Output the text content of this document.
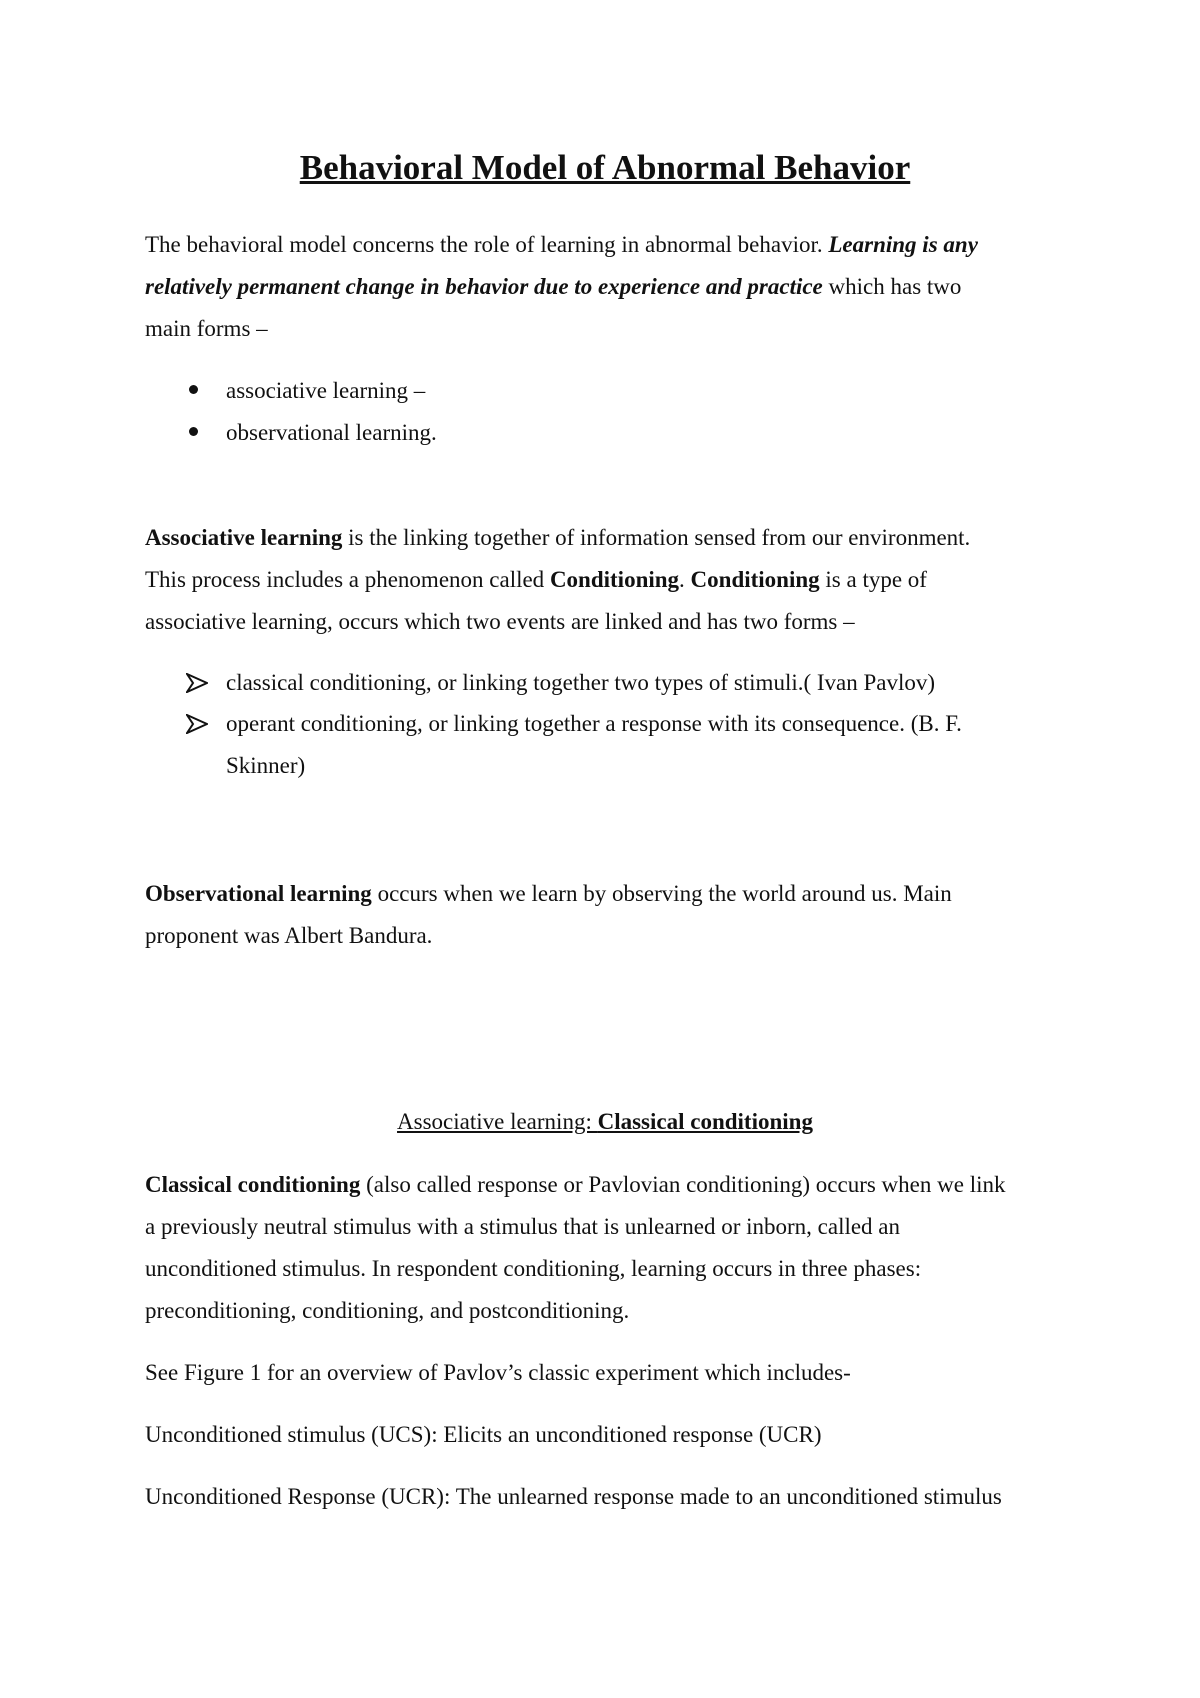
Behavioral Model of Abnormal Behavior
The behavioral model concerns the role of learning in abnormal behavior. Learning is any
relatively permanent change in behavior due to experience and practice which has two
main forms –
associative learning –
observational learning.
Associative learning is the linking together of information sensed from our environment.
This process includes a phenomenon called Conditioning. Conditioning is a type of
associative learning, occurs which two events are linked and has two forms –
classical conditioning, or linking together two types of stimuli.( Ivan Pavlov)
operant conditioning, or linking together a response with its consequence. (B. F.
Skinner)
Observational learning occurs when we learn by observing the world around us. Main
proponent was Albert Bandura.
Associative learning: Classical conditioning
Classical conditioning (also called response or Pavlovian conditioning) occurs when we link
a previously neutral stimulus with a stimulus that is unlearned or inborn, called an
unconditioned stimulus. In respondent conditioning, learning occurs in three phases:
preconditioning, conditioning, and postconditioning.
See Figure 1 for an overview of Pavlov’s classic experiment which includes-
Unconditioned stimulus (UCS): Elicits an unconditioned response (UCR)
Unconditioned Response (UCR): The unlearned response made to an unconditioned stimulus
